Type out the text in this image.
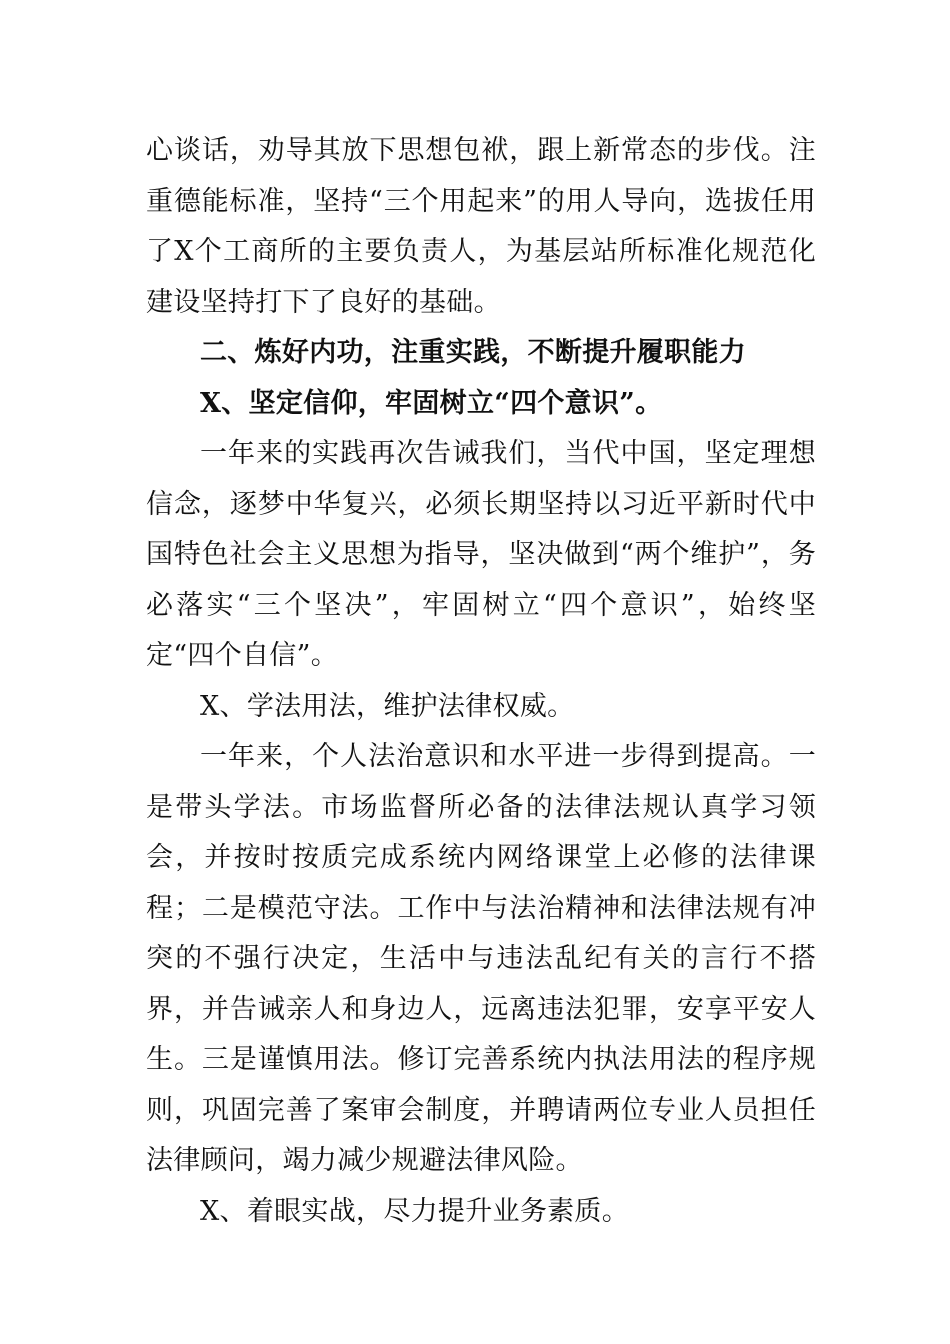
心谈话，劝导其放下思想包袱，跟上新常态的步伐。注重德能标准，坚持“三个用起来”的用人导向，选拔任用了X个工商所的主要负责人，为基层站所标准化规范化建设坚持打下了良好的基础。

二、炼好内功，注重实践，不断提升履职能力

X、坚定信仰，牢固树立“四个意识”。

一年来的实践再次告诫我们，当代中国，坚定理想信念，逐梦中华复兴，必须长期坚持以习近平新时代中国特色社会主义思想为指导，坚决做到“两个维护”，务必落实“三个坚决”，牢固树立“四个意识”，始终坚定“四个自信”。

X、学法用法，维护法律权威。

一年来，个人法治意识和水平进一步得到提高。一是带头学法。市场监督所必备的法律法规认真学习领会，并按时按质完成系统内网络课堂上必修的法律课程；二是模范守法。工作中与法治精神和法律法规有冲突的不强行决定，生活中与违法乱纪有关的言行不搭界，并告诫亲人和身边人，远离违法犯罪，安享平安人生。三是谨慎用法。修订完善系统内执法用法的程序规则，巩固完善了案审会制度，并聘请两位专业人员担任法律顾问，竭力减少规避法律风险。

X、着眼实战，尽力提升业务素质。
